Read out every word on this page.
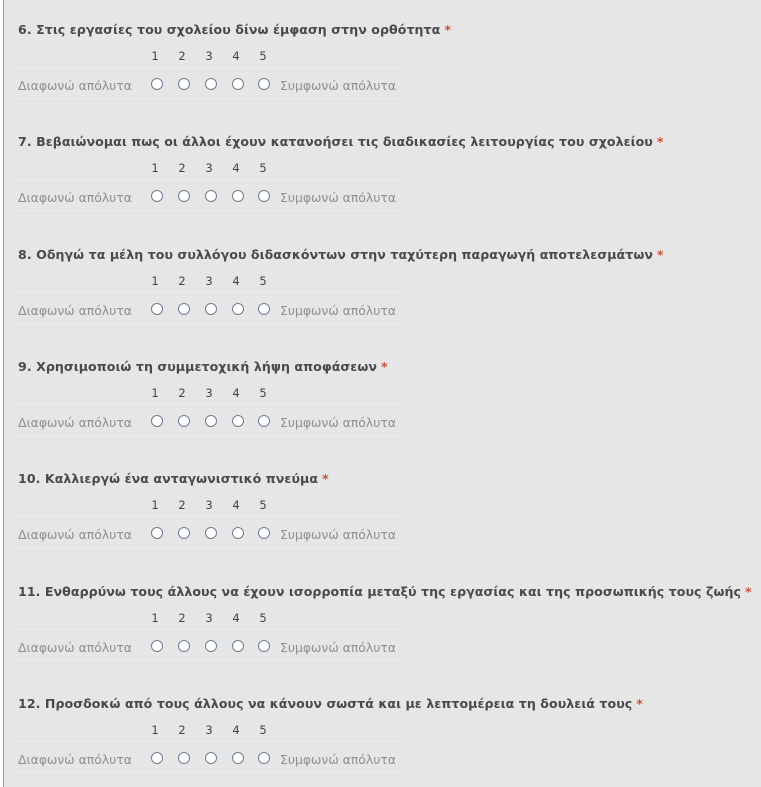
6. Στις εργασίες του σχολείου δίνω έμφαση στην ορθότητα *
1	2	3	4	5
Διαφωνώ απόλυτα	Συμφωνώ απόλυτα
7. Βεβαιώνομαι πως οι άλλοι έχουν κατανοήσει τις διαδικασίες λειτουργίας του σχολείου *
1	2	3	4	5
Διαφωνώ απόλυτα	Συμφωνώ απόλυτα
8. Οδηγώ τα μέλη του συλλόγου διδασκόντων στην ταχύτερη παραγωγή αποτελεσμάτων *
1	2	3	4	5
Διαφωνώ απόλυτα	Συμφωνώ απόλυτα
9. Χρησιμοποιώ τη συμμετοχική λήψη αποφάσεων *
1	2	3	4	5
Διαφωνώ απόλυτα	Συμφωνώ απόλυτα
10. Καλλιεργώ ένα ανταγωνιστικό πνεύμα *
1	2	3	4	5
Διαφωνώ απόλυτα	Συμφωνώ απόλυτα
11. Ενθαρρύνω τους άλλους να έχουν ισορροπία μεταξύ της εργασίας και της προσωπικής τους ζωής *
1	2	3	4	5
Διαφωνώ απόλυτα	Συμφωνώ απόλυτα
12. Προσδοκώ από τους άλλους να κάνουν σωστά και με λεπτομέρεια τη δουλειά τους *
1	2	3	4	5
Διαφωνώ απόλυτα	Συμφωνώ απόλυτα
